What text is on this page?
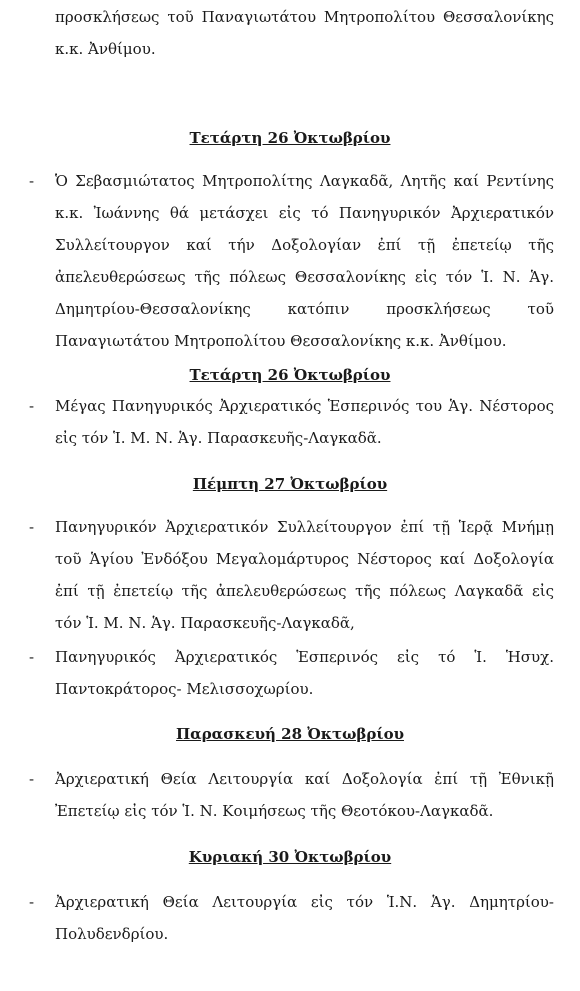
προσκλήσεως τοῦ Παναγιωτάτου Μητροπολίτου Θεσσαλονίκης κ.κ. Ἀνθίμου.

Τετάρτη 26 Ὀκτωβρίου
- Ὁ Σεβασμιώτατος Μητροπολίτης Λαγκαδᾶ, Λητῆς καί Ρεντίνης κ.κ. Ἰωάννης θά μετάσχει εἰς τό Πανηγυρικόν Ἀρχιερατικόν Συλλείτουργον καί τήν Δοξολογίαν ἐπί τῇ ἐπετείῳ τῆς ἀπελευθερώσεως τῆς πόλεως Θεσσαλονίκης εἰς τόν Ἱ. Ν. Ἁγ. Δημητρίου-Θεσσαλονίκης κατόπιν προσκλήσεως τοῦ Παναγιωτάτου Μητροπολίτου Θεσσαλονίκης κ.κ. Ἀνθίμου.
Τετάρτη 26 Ὀκτωβρίου
- Μέγας Πανηγυρικός Ἀρχιερατικός Ἑσπερινός του Ἁγ. Νέστορος εἰς τόν Ἱ. Μ. Ν. Ἁγ. Παρασκευῆς-Λαγκαδᾶ.
Πέμπτη 27 Ὀκτωβρίου
- Πανηγυρικόν Ἀρχιερατικόν Συλλείτουργον ἐπί τῇ Ἱερᾷ Μνήμῃ τοῦ Ἁγίου Ἐνδόξου Μεγαλομάρτυρος Νέστορος καί Δοξολογία ἐπί τῇ ἐπετείῳ τῆς ἀπελευθερώσεως τῆς πόλεως Λαγκαδᾶ εἰς τόν Ἱ. Μ. Ν. Ἁγ. Παρασκευῆς-Λαγκαδᾶ,
- Πανηγυρικός Ἀρχιερατικός Ἑσπερινός εἰς τό Ἱ. Ἡσυχ. Παντοκράτορος- Μελισσοχωρίου.
Παρασκευή 28 Ὀκτωβρίου
- Ἀρχιερατική Θεία Λειτουργία καί Δοξολογία ἐπί τῇ Ἐθνικῇ Ἐπετείῳ εἰς τόν Ἱ. Ν. Κοιμήσεως τῆς Θεοτόκου-Λαγκαδᾶ.
Κυριακή 30 Ὀκτωβρίου
- Ἀρχιερατική Θεία Λειτουργία εἰς τόν Ἱ.Ν. Ἁγ. Δημητρίου-Πολυδενδρίου.
